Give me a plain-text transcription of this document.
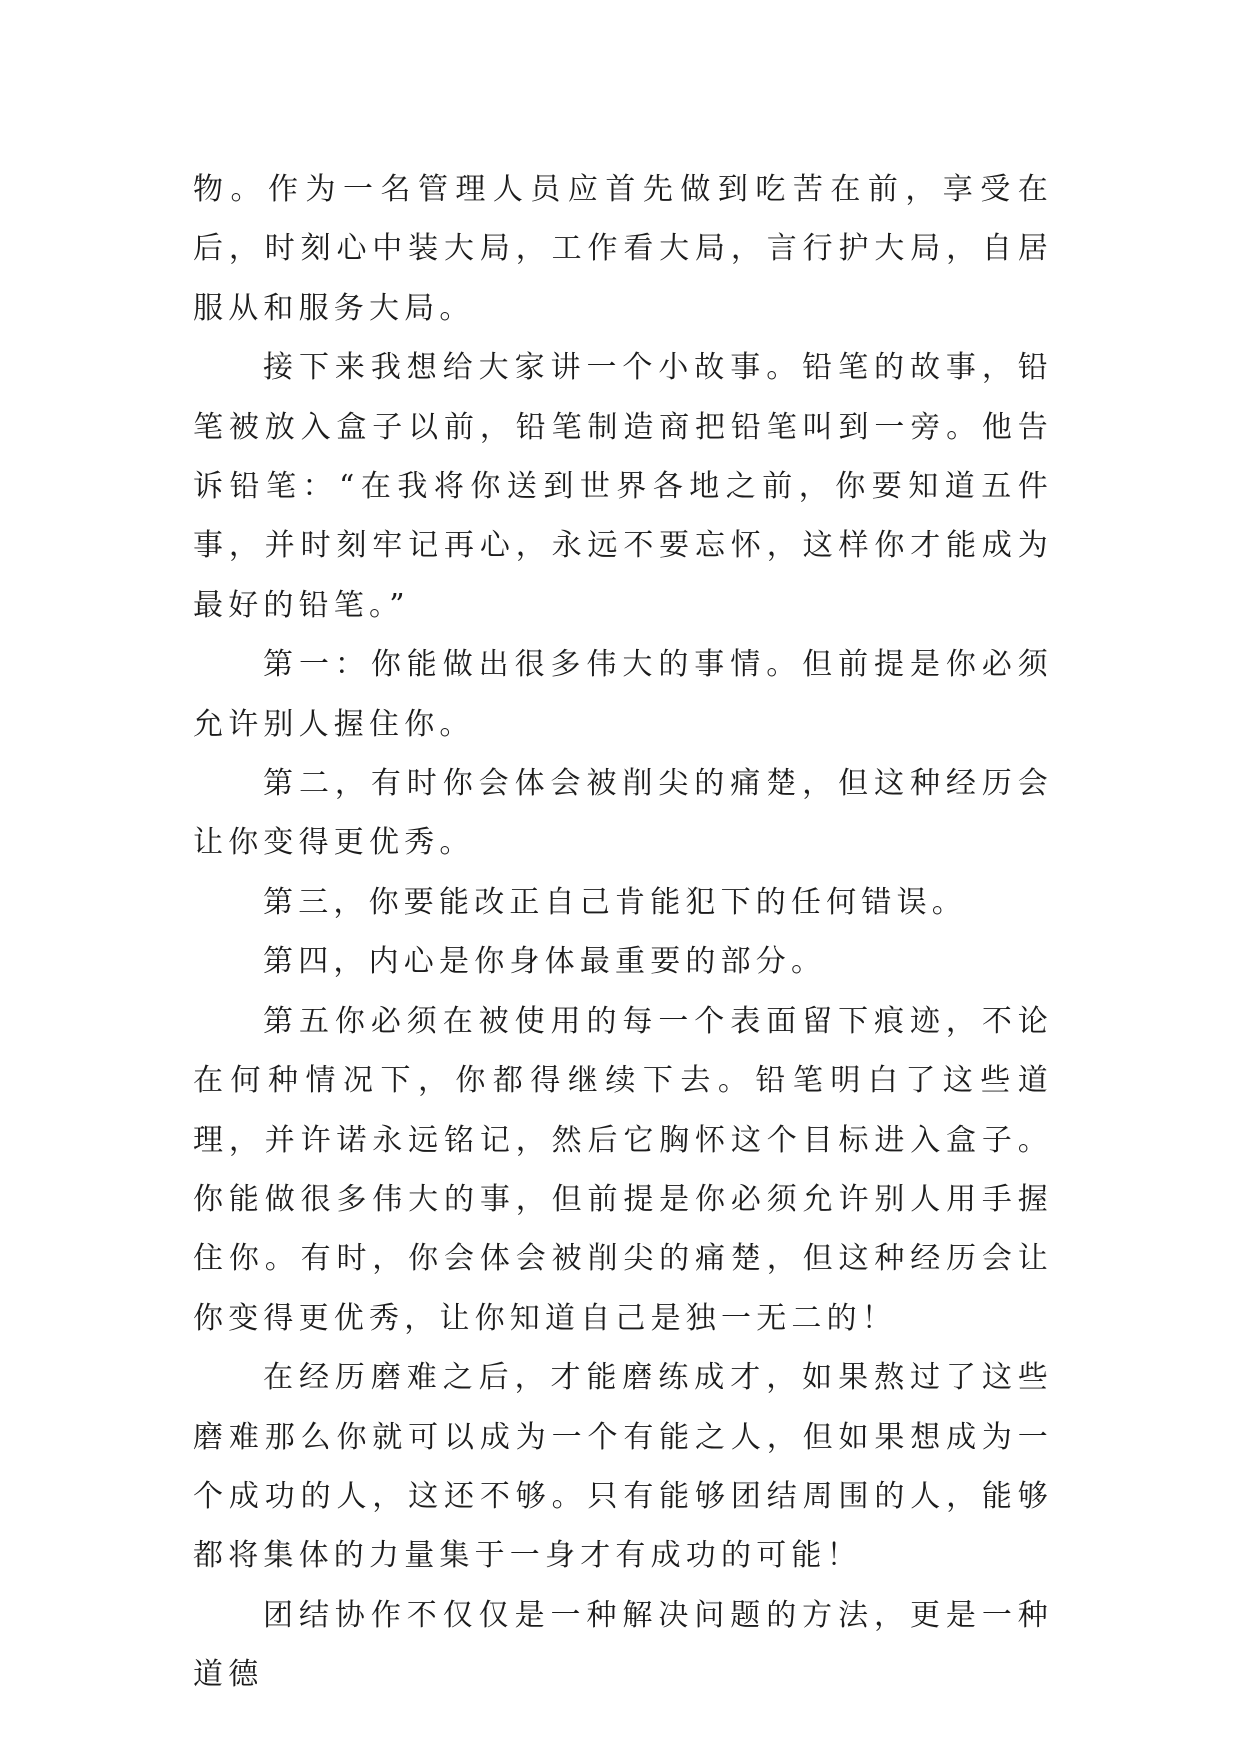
物。作为一名管理人员应首先做到吃苦在前，享受在后，时刻心中装大局，工作看大局，言行护大局，自居服从和服务大局。

接下来我想给大家讲一个小故事。铅笔的故事，铅笔被放入盒子以前，铅笔制造商把铅笔叫到一旁。他告诉铅笔：“在我将你送到世界各地之前，你要知道五件事，并时刻牢记再心，永远不要忘怀，这样你才能成为最好的铅笔。”

第一：你能做出很多伟大的事情。但前提是你必须允许别人握住你。

第二，有时你会体会被削尖的痛楚，但这种经历会让你变得更优秀。

第三，你要能改正自己肯能犯下的任何错误。

第四，内心是你身体最重要的部分。

第五你必须在被使用的每一个表面留下痕迹，不论在何种情况下，你都得继续下去。铅笔明白了这些道理，并许诺永远铭记，然后它胸怀这个目标进入盒子。你能做很多伟大的事，但前提是你必须允许别人用手握住你。有时，你会体会被削尖的痛楚，但这种经历会让你变得更优秀，让你知道自己是独一无二的！

在经历磨难之后，才能磨练成才，如果熬过了这些磨难那么你就可以成为一个有能之人，但如果想成为一个成功的人，这还不够。只有能够团结周围的人，能够都将集体的力量集于一身才有成功的可能！

团结协作不仅仅是一种解决问题的方法，更是一种道德
